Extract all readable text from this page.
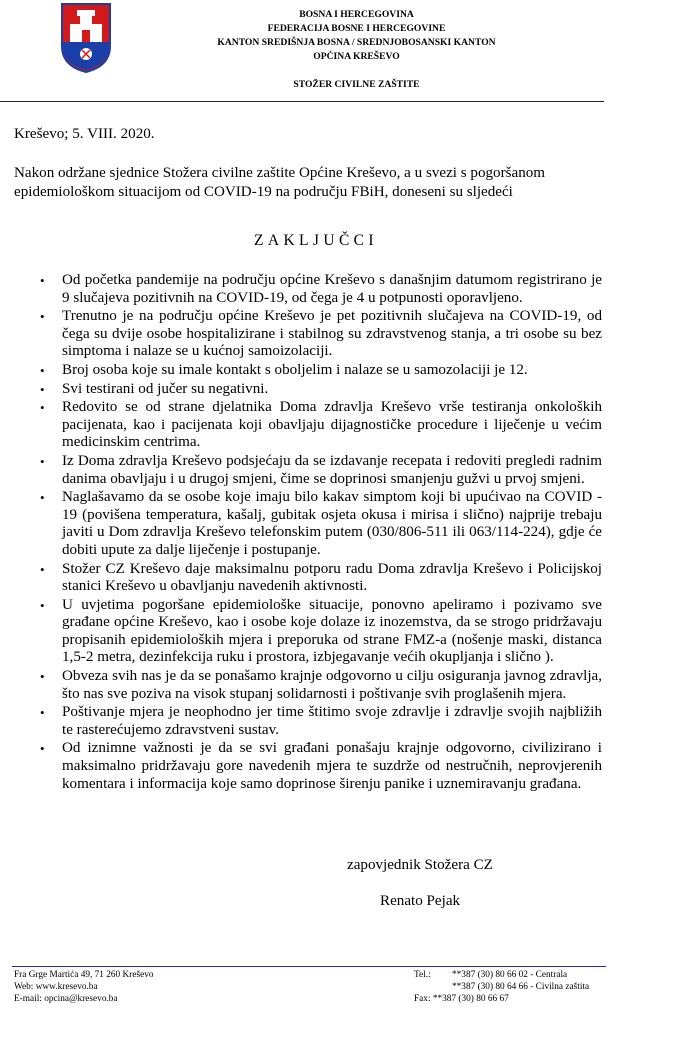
BOSNA I HERCEGOVINA
FEDERACIJA BOSNE I HERCEGOVINE
KANTON SREDIŠNJA BOSNA / SREDNJOBOSANSKI KANTON
OPĆINA KREŠEVO
STOŽER CIVILNE ZAŠTITE
Kreševo; 5. VIII. 2020.
Nakon održane sjednice Stožera civilne zaštite Općine Kreševo, a u svezi s pogoršanom
epidemiološkom situacijom od COVID-19 na području FBiH, doneseni su sljedeći
ZAKLJUČCI
• Od početka pandemije na području općine Kreševo s današnjim datumom registrirano je 9 slučajeva pozitivnih na COVID-19, od čega je 4 u potpunosti oporavljeno.
• Trenutno je na području općine Kreševo je pet pozitivnih slučajeva na COVID-19, od čega su dvije osobe hospitalizirane i stabilnog su zdravstvenog stanja, a tri osobe su bez simptoma i nalaze se u kućnoj samoizolaciji.
• Broj osoba koje su imale kontakt s oboljelim i nalaze se u samozolaciji je 12.
• Svi testirani od jučer su negativni.
• Redovito se od strane djelatnika Doma zdravlja Kreševo vrše testiranja onkoloških pacijenata, kao i pacijenata koji obavljaju dijagnostičke procedure i liječenje u većim medicinskim centrima.
• Iz Doma zdravlja Kreševo podsjećaju da se izdavanje recepata i redoviti pregledi radnim danima obavljaju i u drugoj smjeni, čime se doprinosi smanjenju gužvi u prvoj smjeni.
• Naglašavamo da se osobe koje imaju bilo kakav simptom koji bi upućivao na COVID - 19 (povišena temperatura, kašalj, gubitak osjeta okusa i mirisa i slično) najprije trebaju javiti u Dom zdravlja Kreševo telefonskim putem (030/806-511 ili 063/114-224), gdje će dobiti upute za dalje liječenje i postupanje.
• Stožer CZ Kreševo daje maksimalnu potporu radu Doma zdravlja Kreševo i Policijskoj stanici Kreševo u obavljanju navedenih aktivnosti.
• U uvjetima pogoršane epidemiološke situacije, ponovno apeliramo i pozivamo sve građane općine Kreševo, kao i osobe koje dolaze iz inozemstva, da se strogo pridržavaju propisanih epidemioloških mjera i preporuka od strane FMZ-a (nošenje maski, distanca 1,5-2 metra, dezinfekcija ruku i prostora, izbjegavanje većih okupljanja i slično ).
• Obveza svih nas je da se ponašamo krajnje odgovorno u cilju osiguranja javnog zdravlja, što nas sve poziva na visok stupanj solidarnosti i poštivanje svih proglašenih mjera.
• Poštivanje mjera je neophodno jer time štitimo svoje zdravlje i zdravlje svojih najbližih te rasterećujemo zdravstveni sustav.
• Od iznimne važnosti je da se svi građani ponašaju krajnje odgovorno, civilizirano i maksimalno pridržavaju gore navedenih mjera te suzdrže od nestručnih, neprovjerenih komentara i informacija koje samo doprinose širenju panike i uznemiravanju građana.
zapovjednik Stožera CZ
Renato Pejak
Fra Grge Martića 49, 71 260 Kreševo
Web: www.kresevo.ba
E-mail: opcina@kresevo.ba
Tel.: **387 (30) 80 66 02 - Centrala
**387 (30) 80 64 66 - Civilna zaštita
Fax: **387 (30) 80 66 67
